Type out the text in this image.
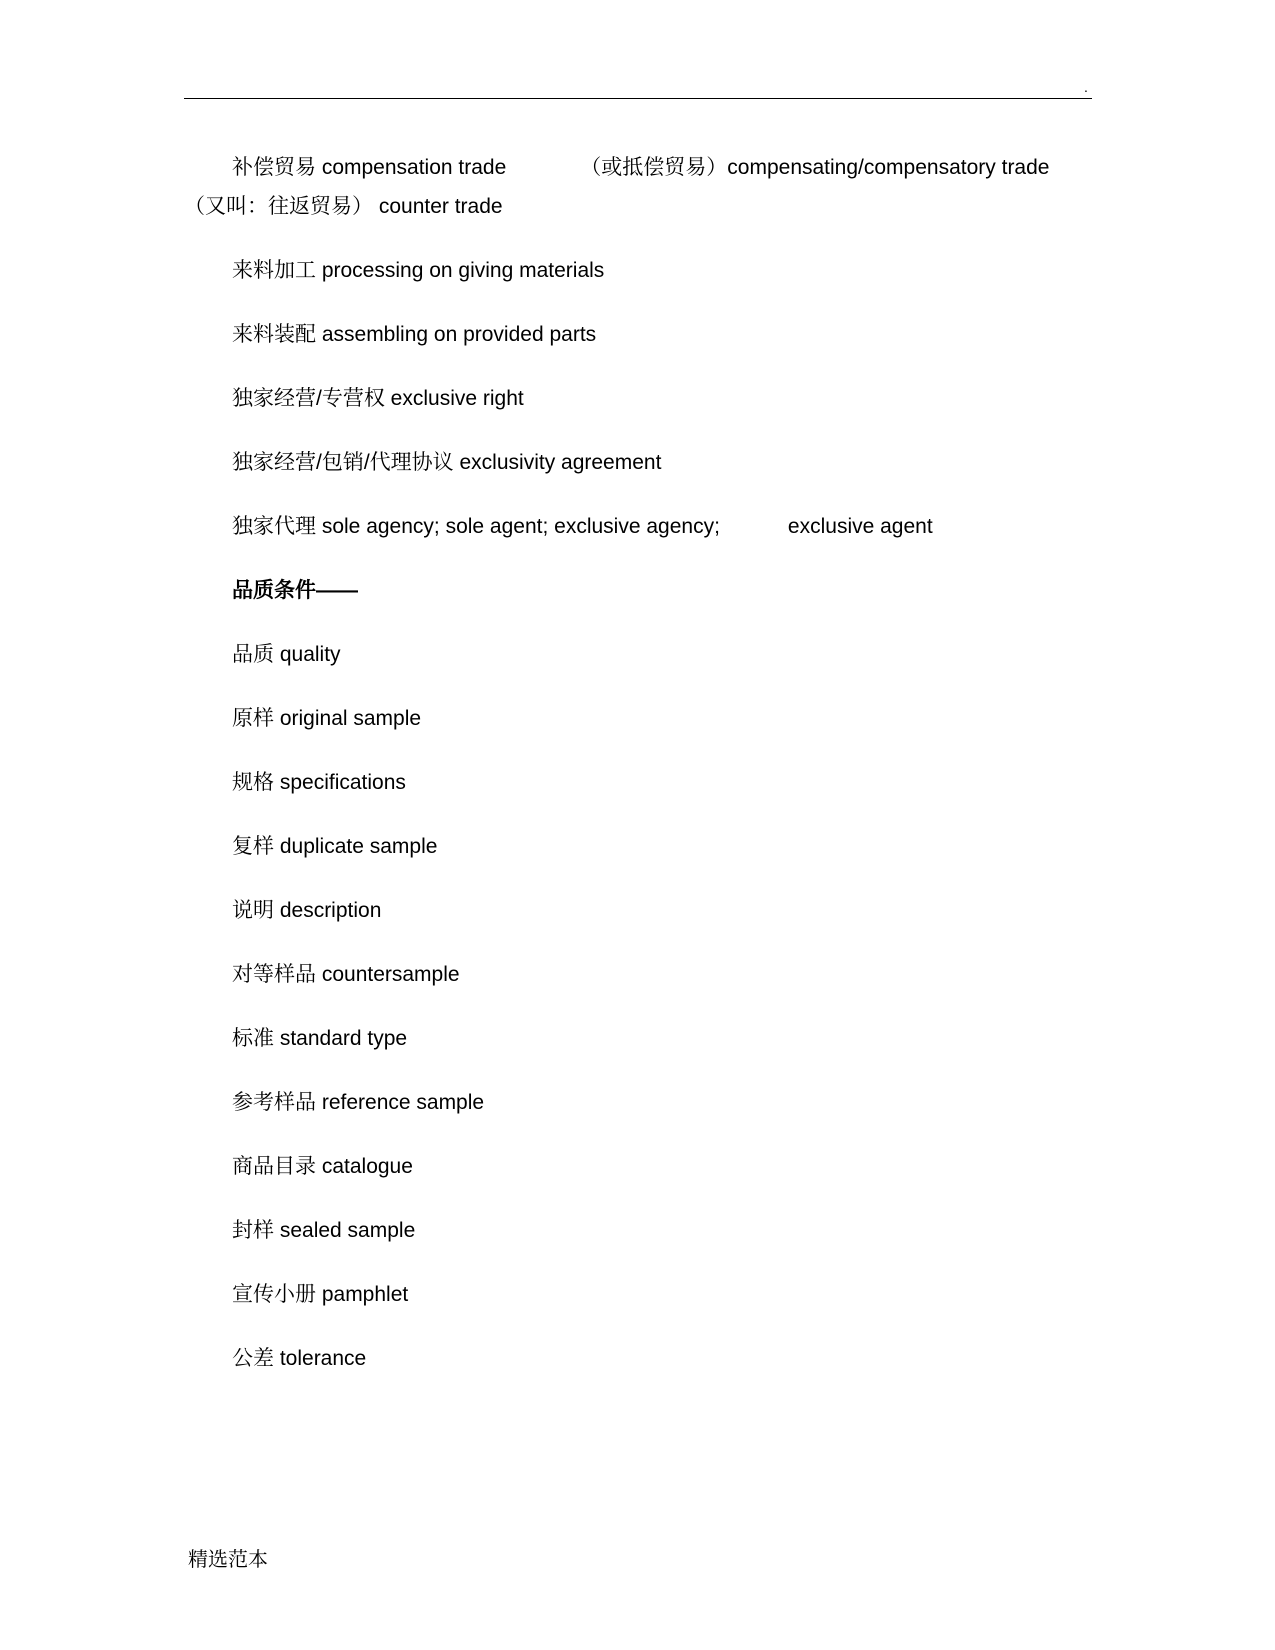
.

补偿贸易 compensation trade	（或抵偿贸易）compensating/compensatory trade （又叫：往返贸易） counter trade

来料加工 processing on giving materials

来料装配 assembling on provided parts

独家经营/专营权 exclusive right

独家经营/包销/代理协议 exclusivity agreement

独家代理 sole agency; sole agent; exclusive agency;	exclusive agent

品质条件——

品质 quality

原样 original sample

规格 specifications

复样 duplicate sample

说明 description

对等样品 countersample

标准 standard type

参考样品 reference sample

商品目录 catalogue

封样 sealed sample

宣传小册 pamphlet

公差 tolerance

精选范本
